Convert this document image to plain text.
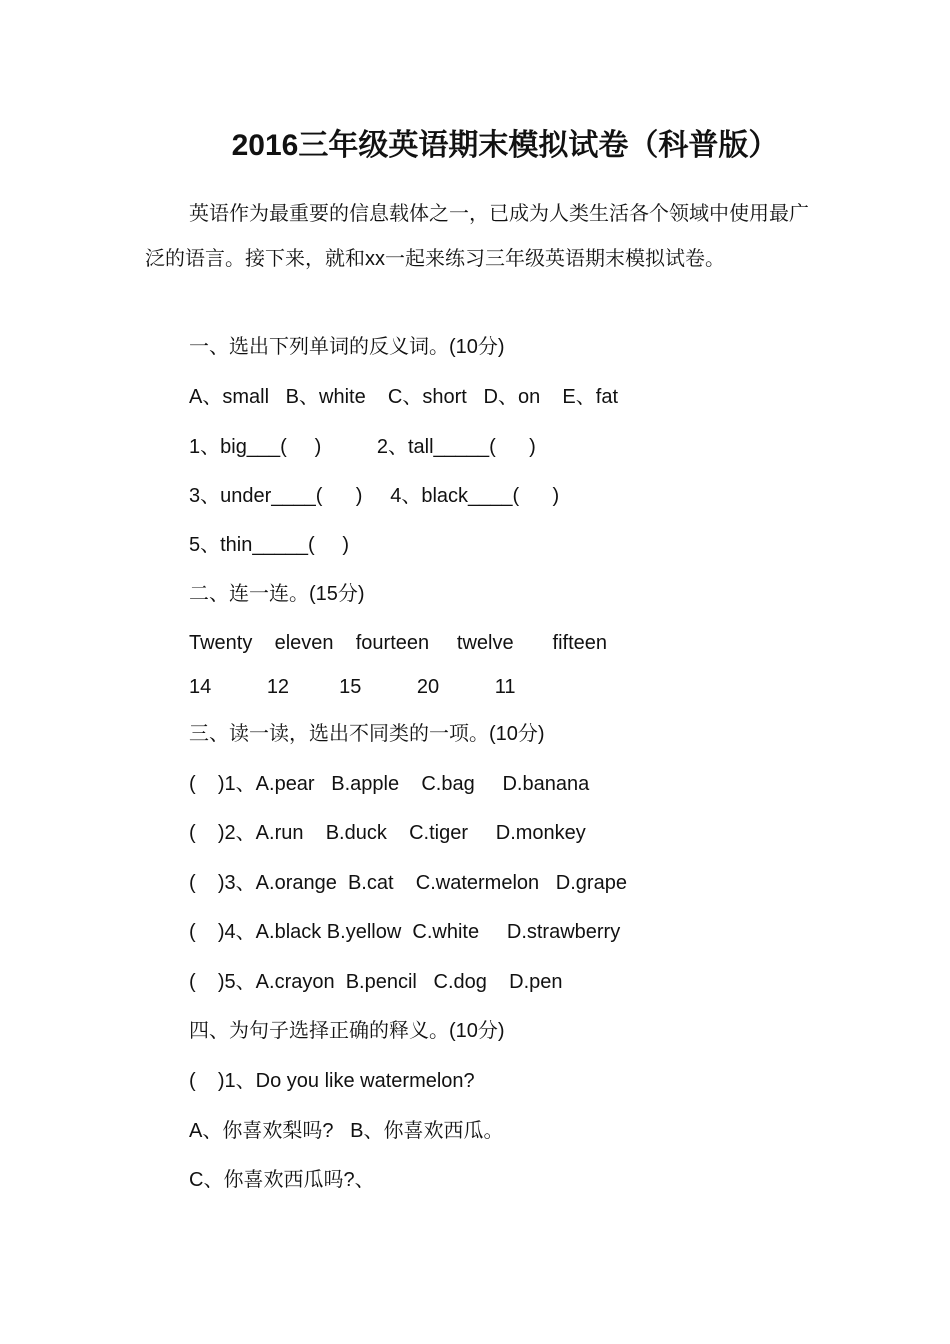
2016三年级英语期末模拟试卷（科普版）

英语作为最重要的信息载体之一，已成为人类生活各个领域中使用最广泛的语言。接下来，就和xx一起来练习三年级英语期末模拟试卷。

一、选出下列单词的反义词。(10分)
A、small   B、white    C、short   D、on    E、fat
1、big___(     )          2、tall_____(      )
3、under____(      )     4、black____(      )
5、thin_____(     )
二、连一连。(15分)
Twenty    eleven    fourteen     twelve       fifteen
14          12         15          20          11
三、读一读，选出不同类的一项。(10分)
(    )1、A.pear   B.apple    C.bag     D.banana
(    )2、A.run    B.duck    C.tiger     D.monkey
(    )3、A.orange  B.cat    C.watermelon   D.grape
(    )4、A.black B.yellow  C.white     D.strawberry
(    )5、A.crayon  B.pencil   C.dog    D.pen
四、为句子选择正确的释义。(10分)
(    )1、Do you like watermelon?
A、你喜欢梨吗?   B、你喜欢西瓜。
C、你喜欢西瓜吗?、
